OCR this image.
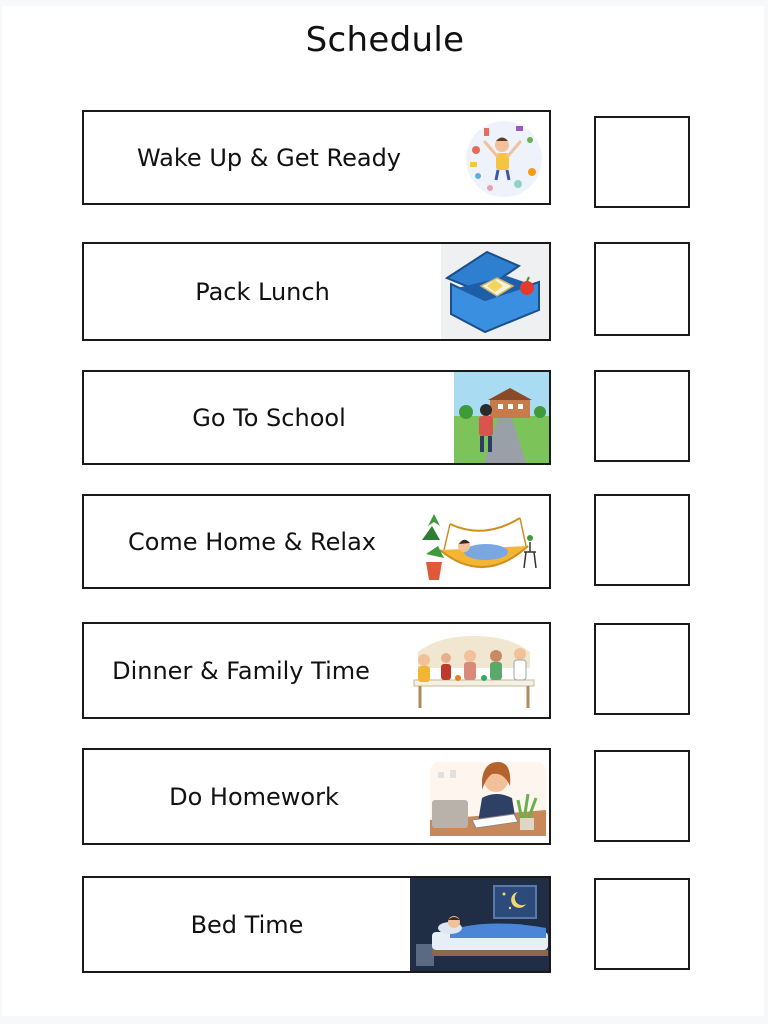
Schedule
Wake Up & Get Ready
Pack Lunch
Go To School
Come Home & Relax
Dinner & Family Time
Do Homework
Bed Time
